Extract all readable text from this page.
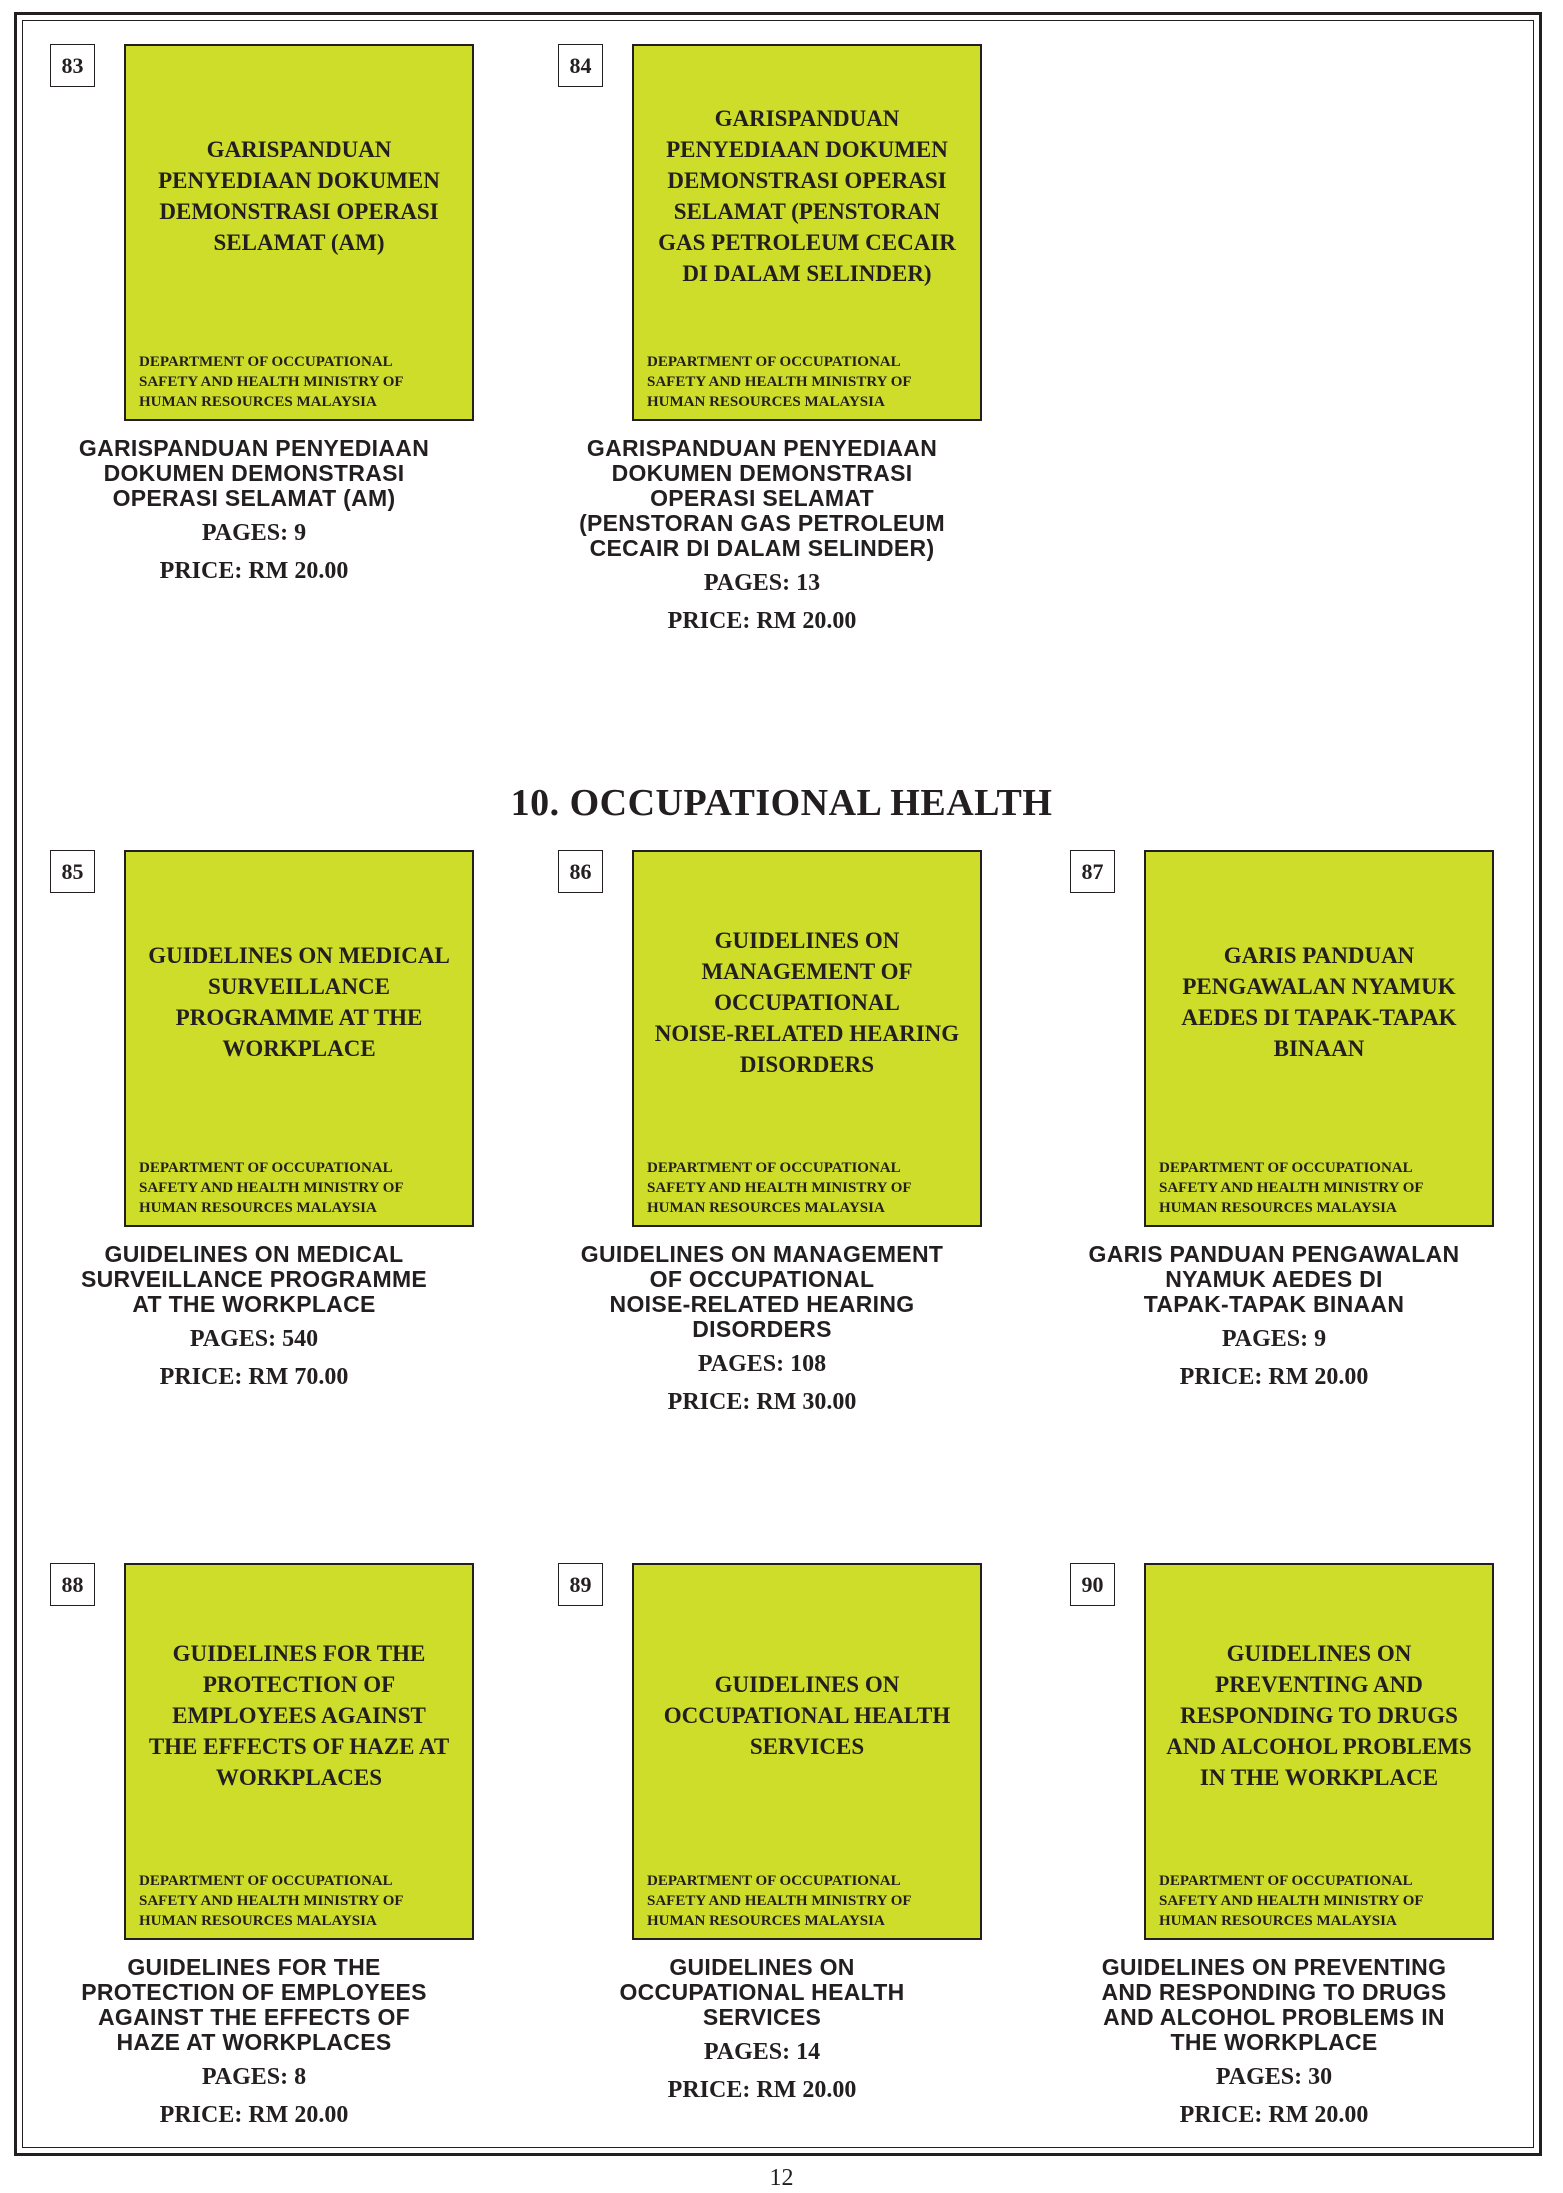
10. OCCUPATIONAL HEALTH
83
GARISPANDUAN
PENYEDIAAN DOKUMEN
DEMONSTRASI OPERASI
SELAMAT (AM)
DEPARTMENT OF OCCUPATIONAL
SAFETY AND HEALTH MINISTRY OF
HUMAN RESOURCES MALAYSIA
GARISPANDUAN PENYEDIAAN
DOKUMEN DEMONSTRASI
OPERASI SELAMAT (AM)
PAGES: 9
PRICE: RM 20.00
84
GARISPANDUAN
PENYEDIAAN DOKUMEN
DEMONSTRASI OPERASI
SELAMAT (PENSTORAN
GAS PETROLEUM CECAIR
DI DALAM SELINDER)
DEPARTMENT OF OCCUPATIONAL
SAFETY AND HEALTH MINISTRY OF
HUMAN RESOURCES MALAYSIA
GARISPANDUAN PENYEDIAAN
DOKUMEN DEMONSTRASI
OPERASI SELAMAT
(PENSTORAN GAS PETROLEUM
CECAIR DI DALAM SELINDER)
PAGES: 13
PRICE: RM 20.00
85
GUIDELINES ON MEDICAL
SURVEILLANCE
PROGRAMME AT THE
WORKPLACE
DEPARTMENT OF OCCUPATIONAL
SAFETY AND HEALTH MINISTRY OF
HUMAN RESOURCES MALAYSIA
GUIDELINES ON MEDICAL
SURVEILLANCE PROGRAMME
AT THE WORKPLACE
PAGES: 540
PRICE: RM 70.00
86
GUIDELINES ON
MANAGEMENT OF
OCCUPATIONAL
NOISE-RELATED HEARING
DISORDERS
DEPARTMENT OF OCCUPATIONAL
SAFETY AND HEALTH MINISTRY OF
HUMAN RESOURCES MALAYSIA
GUIDELINES ON MANAGEMENT
OF OCCUPATIONAL
NOISE-RELATED HEARING
DISORDERS
PAGES: 108
PRICE: RM 30.00
87
GARIS PANDUAN
PENGAWALAN NYAMUK
AEDES DI TAPAK-TAPAK
BINAAN
DEPARTMENT OF OCCUPATIONAL
SAFETY AND HEALTH MINISTRY OF
HUMAN RESOURCES MALAYSIA
GARIS PANDUAN PENGAWALAN
NYAMUK AEDES DI
TAPAK-TAPAK BINAAN
PAGES: 9
PRICE: RM 20.00
88
GUIDELINES FOR THE
PROTECTION OF
EMPLOYEES AGAINST
THE EFFECTS OF HAZE AT
WORKPLACES
DEPARTMENT OF OCCUPATIONAL
SAFETY AND HEALTH MINISTRY OF
HUMAN RESOURCES MALAYSIA
GUIDELINES FOR THE
PROTECTION OF EMPLOYEES
AGAINST THE EFFECTS OF
HAZE AT WORKPLACES
PAGES: 8
PRICE: RM 20.00
89
GUIDELINES ON
OCCUPATIONAL HEALTH
SERVICES
DEPARTMENT OF OCCUPATIONAL
SAFETY AND HEALTH MINISTRY OF
HUMAN RESOURCES MALAYSIA
GUIDELINES ON
OCCUPATIONAL HEALTH
SERVICES
PAGES: 14
PRICE: RM 20.00
90
GUIDELINES ON
PREVENTING AND
RESPONDING TO DRUGS
AND ALCOHOL PROBLEMS
IN THE WORKPLACE
DEPARTMENT OF OCCUPATIONAL
SAFETY AND HEALTH MINISTRY OF
HUMAN RESOURCES MALAYSIA
GUIDELINES ON PREVENTING
AND RESPONDING TO DRUGS
AND ALCOHOL PROBLEMS IN
THE WORKPLACE
PAGES: 30
PRICE: RM 20.00
12
